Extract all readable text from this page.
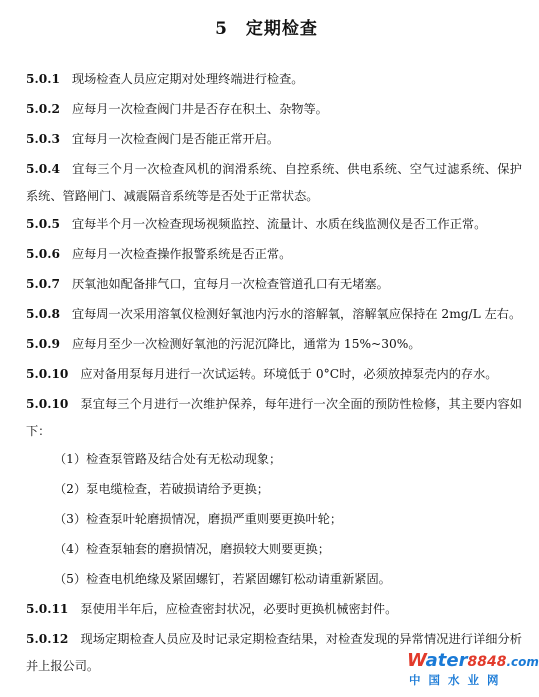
5 定期检查

5.0.1 现场检查人员应定期对处理终端进行检查。

5.0.2 应每月一次检查阀门井是否存在积土、杂物等。

5.0.3 宜每月一次检查阀门是否能正常开启。

5.0.4 宜每三个月一次检查风机的润滑系统、自控系统、供电系统、空气过滤系统、保护系统、管路闸门、减震隔音系统等是否处于正常状态。

5.0.5 宜每半个月一次检查现场视频监控、流量计、水质在线监测仪是否工作正常。

5.0.6 应每月一次检查操作报警系统是否正常。

5.0.7 厌氧池如配备排气口，宜每月一次检查管道孔口有无堵塞。

5.0.8 宜每周一次采用溶氧仪检测好氧池内污水的溶解氧，溶解氧应保持在 2mg/L 左右。

5.0.9 应每月至少一次检测好氧池的污泥沉降比，通常为 15%~30%。

5.0.10 应对备用泵每月进行一次试运转。环境低于 0°C时，必须放掉泵壳内的存水。

5.0.10 泵宜每三个月进行一次维护保养，每年进行一次全面的预防性检修，其主要内容如下：

（1）检查泵管路及结合处有无松动现象；

（2）泵电缆检查，若破损请给予更换；

（3）检查泵叶轮磨损情况，磨损严重则要更换叶轮；

（4）检查泵轴套的磨损情况，磨损较大则要更换；

（5）检查电机绝缘及紧固螺钉，若紧固螺钉松动请重新紧固。

5.0.11 泵使用半年后，应检查密封状况，必要时更换机械密封件。

5.0.12 现场定期检查人员应及时记录定期检查结果，对检查发现的异常情况进行详细分析并上报公司。	Water8848.com
中国水业网
